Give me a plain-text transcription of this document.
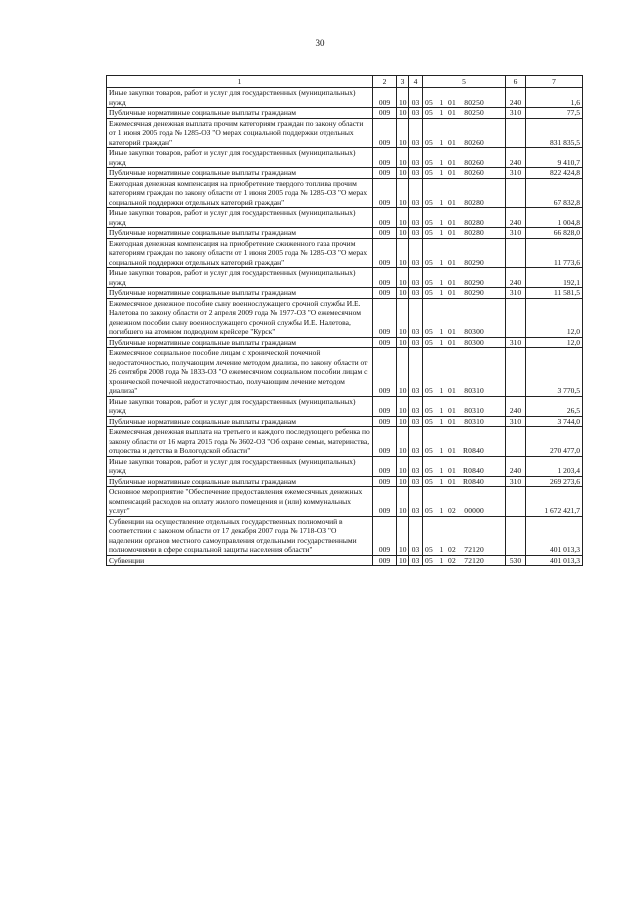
30
1	2	3	4	5	6	7
Иные закупки товаров, работ и услуг для государственных (муниципальных) нужд	009	10	03	05 1 01 80250	240	1,6
Публичные нормативные социальные выплаты гражданам	009	10	03	05 1 01 80250	310	77,5
Ежемесячная денежная выплата прочим категориям граждан по закону области от 1 июня 2005 года № 1285-ОЗ "О мерах социальной поддержки отдельных категорий граждан"	009	10	03	05 1 01 80260		831 835,5
Иные закупки товаров, работ и услуг для государственных (муниципальных) нужд	009	10	03	05 1 01 80260	240	9 410,7
Публичные нормативные социальные выплаты гражданам	009	10	03	05 1 01 80260	310	822 424,8
Ежегодная денежная компенсация на приобретение твердого топлива прочим категориям граждан по закону области от 1 июня 2005 года № 1285-ОЗ "О мерах социальной поддержки отдельных категорий граждан"	009	10	03	05 1 01 80280		67 832,8
Иные закупки товаров, работ и услуг для государственных (муниципальных) нужд	009	10	03	05 1 01 80280	240	1 004,8
Публичные нормативные социальные выплаты гражданам	009	10	03	05 1 01 80280	310	66 828,0
Ежегодная денежная компенсация на приобретение сжиженного газа прочим категориям граждан по закону области от 1 июня 2005 года № 1285-ОЗ "О мерах социальной поддержки отдельных категорий граждан"	009	10	03	05 1 01 80290		11 773,6
Иные закупки товаров, работ и услуг для государственных (муниципальных) нужд	009	10	03	05 1 01 80290	240	192,1
Публичные нормативные социальные выплаты гражданам	009	10	03	05 1 01 80290	310	11 581,5
Ежемесячное денежное пособие сыну военнослужащего срочной службы И.Е. Налетова по закону области от 2 апреля 2009 года № 1977-ОЗ "О ежемесячном денежном пособии сыну военнослужащего срочной службы И.Е. Налетова, погибшего на атомном подводном крейсере "Курск"	009	10	03	05 1 01 80300		12,0
Публичные нормативные социальные выплаты гражданам	009	10	03	05 1 01 80300	310	12,0
Ежемесячное социальное пособие лицам с хронической почечной недостаточностью, получающим лечение методом диализа, по закону области от 26 сентября 2008 года № 1833-ОЗ "О ежемесячном социальном пособии лицам с хронической почечной недостаточностью, получающим лечение методом диализа"	009	10	03	05 1 01 80310		3 770,5
Иные закупки товаров, работ и услуг для государственных (муниципальных) нужд	009	10	03	05 1 01 80310	240	26,5
Публичные нормативные социальные выплаты гражданам	009	10	03	05 1 01 80310	310	3 744,0
Ежемесячная денежная выплата на третьего и каждого последующего ребенка по закону области от 16 марта 2015 года № 3602-ОЗ "Об охране семьи, материнства, отцовства и детства в Вологодской области"	009	10	03	05 1 01 R0840		270 477,0
Иные закупки товаров, работ и услуг для государственных (муниципальных) нужд	009	10	03	05 1 01 R0840	240	1 203,4
Публичные нормативные социальные выплаты гражданам	009	10	03	05 1 01 R0840	310	269 273,6
Основное мероприятие "Обеспечение предоставления ежемесячных денежных компенсаций расходов на оплату жилого помещения и (или) коммунальных услуг"	009	10	03	05 1 02 00000		1 672 421,7
Субвенции на осуществление отдельных государственных полномочий в соответствии с законом области от 17 декабря 2007 года № 1718-ОЗ "О наделении органов местного самоуправления отдельными государственными полномочиями в сфере социальной защиты населения области"	009	10	03	05 1 02 72120		401 013,3
Субвенции	009	10	03	05 1 02 72120	530	401 013,3
